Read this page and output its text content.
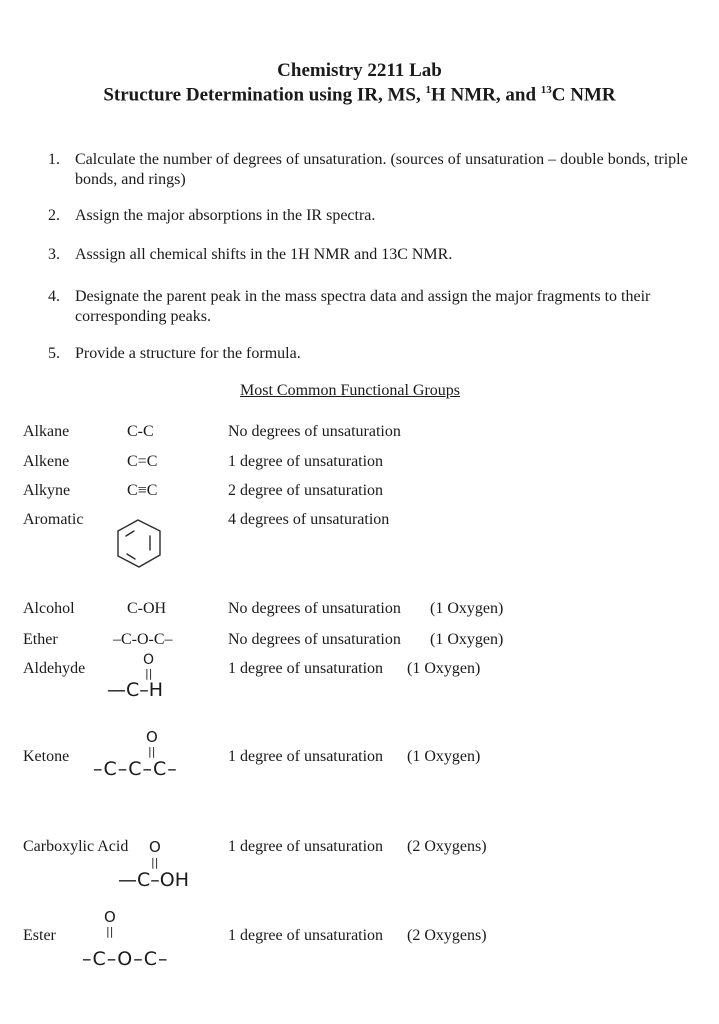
Chemistry 2211 Lab
Structure Determination using IR, MS, $^1$H NMR, and $^{13}$C NMR
1. Calculate the number of degrees of unsaturation. (sources of unsaturation – double bonds, triple bonds, and rings)
2. Assign the major absorptions in the IR spectra.
3. Asssign all chemical shifts in the 1H NMR and 13C NMR.
4. Designate the parent peak in the mass spectra data and assign the major fragments to their corresponding peaks.
5. Provide a structure for the formula.
Most Common Functional Groups
Alkane	C-C	No degrees of unsaturation
Alkene	C=C	1 degree of unsaturation
Alkyne	C≡C	2 degree of unsaturation
Aromatic	4 degrees of unsaturation
Alcohol	C-OH	No degrees of unsaturation (1 Oxygen)
Ether	–C-O-C–	No degrees of unsaturation (1 Oxygen)
Aldehyde	1 degree of unsaturation (1 Oxygen)
O
||
—C–H
Ketone	1 degree of unsaturation (1 Oxygen)
O
||
–C–C–C–
Carboxylic Acid	1 degree of unsaturation (2 Oxygens)
O
||
—C–OH
Ester	1 degree of unsaturation (2 Oxygens)
O
||
–C–O–C–
